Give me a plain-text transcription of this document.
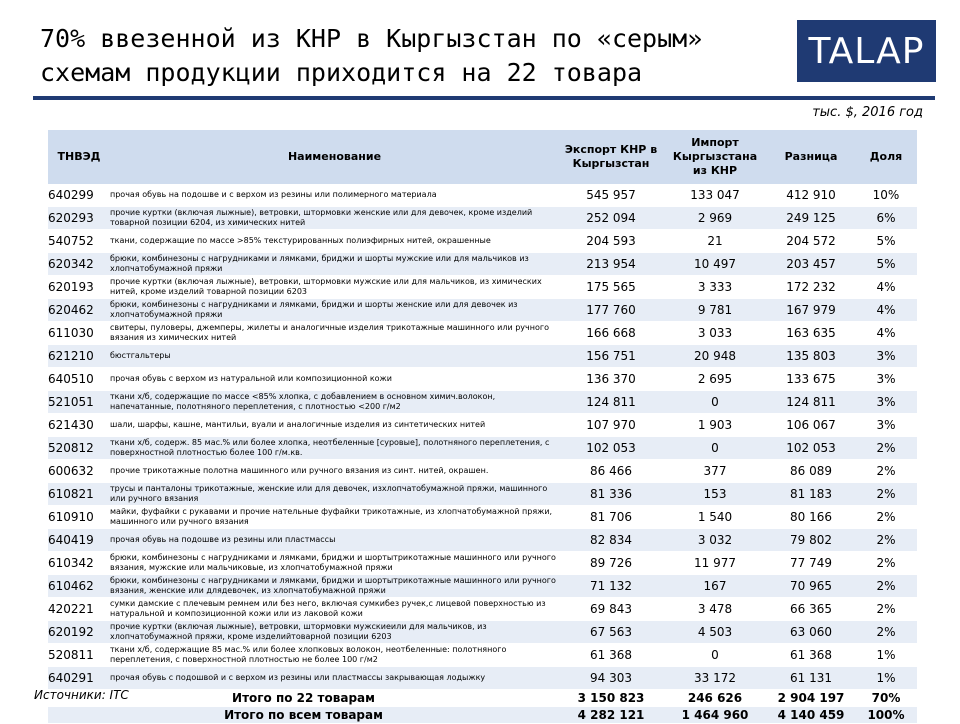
70% ввезенной из КНР в Кыргызстан по «серым» схемам продукции приходится на 22 товара
TALAP
тыс. $, 2016 год
ТНВЭД	Наименование	Экспорт КНР в Кыргызстан	Импорт Кыргызстана из КНР	Разница	Доля
640299	прочая обувь на подошве и с верхом из резины или полимерного материала	545 957	133 047	412 910	10%
620293	прочие куртки (включая лыжные), ветровки, штормовки женские или для девочек, кроме изделий товарной позиции 6204, из химических нитей	252 094	2 969	249 125	6%
540752	ткани, содержащие по массе >85% текстурированных полиэфирных нитей, окрашенные	204 593	21	204 572	5%
620342	брюки, комбинезоны с нагрудниками и лямками, бриджи и шорты мужские или для мальчиков из хлопчатобумажной пряжи	213 954	10 497	203 457	5%
620193	прочие куртки (включая лыжные), ветровки, штормовки мужские или для мальчиков, из химических нитей, кроме изделий товарной позиции 6203	175 565	3 333	172 232	4%
620462	брюки, комбинезоны с нагрудниками и лямками, бриджи и шорты женские или для девочек из хлопчатобумажной пряжи	177 760	9 781	167 979	4%
611030	свитеры, пуловеры, джемперы, жилеты и аналогичные изделия трикотажные машинного или ручного вязания из химических нитей	166 668	3 033	163 635	4%
621210	бюстгальтеры	156 751	20 948	135 803	3%
640510	прочая обувь с верхом из натуральной или композиционной кожи	136 370	2 695	133 675	3%
521051	ткани х/б, содержащие по массе <85% хлопка, с добавлением в основном химич.волокон, напечатанные, полотняного переплетения, с плотностью <200 г/м2	124 811	0	124 811	3%
621430	шали, шарфы, кашне, мантильи, вуали и аналогичные изделия из синтетических нитей	107 970	1 903	106 067	3%
520812	ткани х/б, содерж. 85 мас.% или более хлопка, неотбеленные [суровые], полотняного переплетения, с поверхностной плотностью более 100 г/м.кв.	102 053	0	102 053	2%
600632	прочие трикотажные полотна машинного или ручного вязания из синт. нитей, окрашен.	86 466	377	86 089	2%
610821	трусы и панталоны трикотажные, женские или для девочек, изхлопчатобумажной пряжи, машинного или ручного вязания	81 336	153	81 183	2%
610910	майки, фуфайки с рукавами и прочие нательные фуфайки трикотажные, из хлопчатобумажной пряжи, машинного или ручного вязания	81 706	1 540	80 166	2%
640419	прочая обувь на подошве из резины или пластмассы	82 834	3 032	79 802	2%
610342	брюки, комбинезоны с нагрудниками и лямками, бриджи и шортытрикотажные машинного или ручного вязания, мужские или мальчиковые, из хлопчатобумажной пряжи	89 726	11 977	77 749	2%
610462	брюки, комбинезоны с нагрудниками и лямками, бриджи и шортытрикотажные машинного или ручного вязания, женские или длядевочек, из хлопчатобумажной пряжи	71 132	167	70 965	2%
420221	сумки дамские с плечевым ремнем или без него, включая сумкибез ручек,с лицевой поверхностью из натуральной и композиционной кожи или из лаковой кожи	69 843	3 478	66 365	2%
620192	прочие куртки (включая лыжные), ветровки, штормовки мужскиеили для мальчиков, из хлопчатобумажной пряжи, кроме изделийтоварной позиции 6203	67 563	4 503	63 060	2%
520811	ткани х/б, содержащие 85 мас.% или более хлопковых волокон, неотбеленные: полотняного переплетения, с поверхностной плотностью не более 100 г/м2	61 368	0	61 368	1%
640291	прочая обувь с подошвой и с верхом из резины или пластмассы закрывающая лодыжку	94 303	33 172	61 131	1%
Итого по 22 товарам		3 150 823	246 626	2 904 197	70%
Итого по всем товарам		4 282 121	1 464 960	4 140 459	100%
Источники: ITC
